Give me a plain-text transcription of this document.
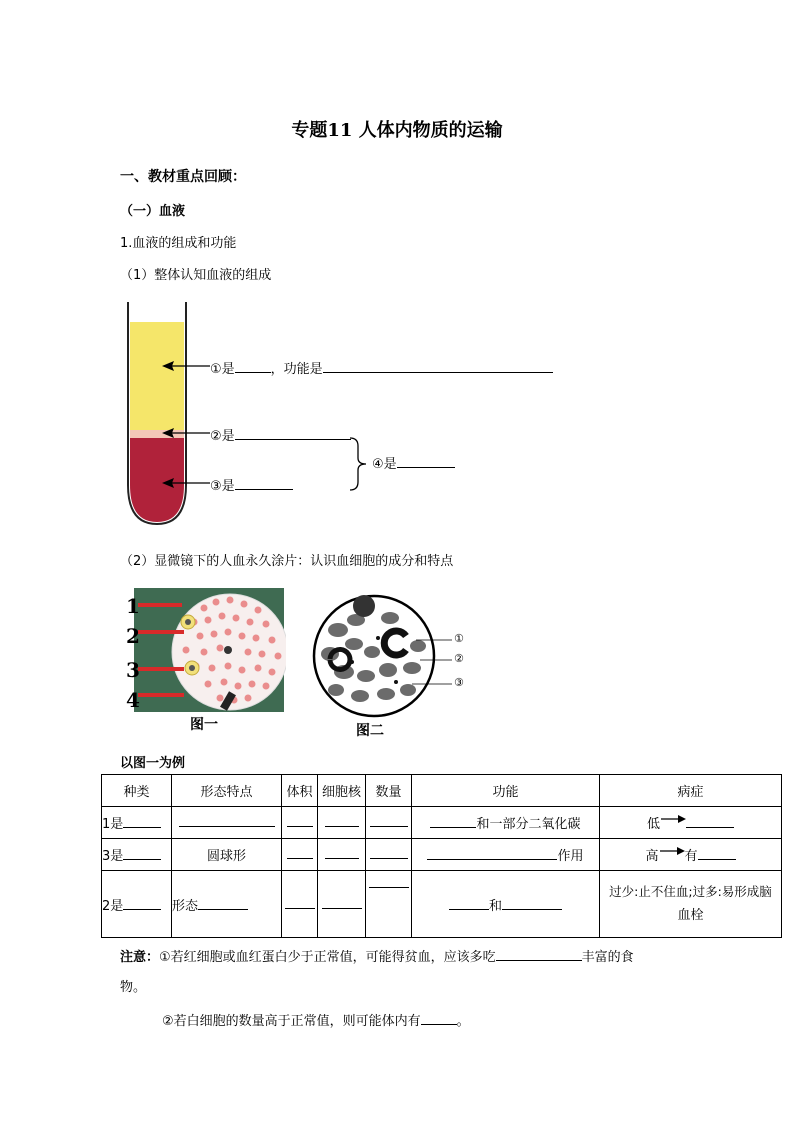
专题11 人体内物质的运输
一、教材重点回顾：
（一）血液
1.血液的组成和功能
（1）整体认知血液的组成
①是	，功能是
②是
③是
④是
（2）显微镜下的人血永久涂片：认识血细胞的成分和特点
1
2
3
4
图一
①
②
③
图二
以图一为例
种类	形态特点	体积	细胞核	数量	功能	病症
1是					和一部分二氧化碳	低
3是	圆球形				作用	高 有
2是	形态				和	过少:止不住血;过多:易形成脑
血栓
注意：①若红细胞或血红蛋白少于正常值，可能得贫血，应该多吃	丰富的食
物。
②若白细胞的数量高于正常值，则可能体内有	。
